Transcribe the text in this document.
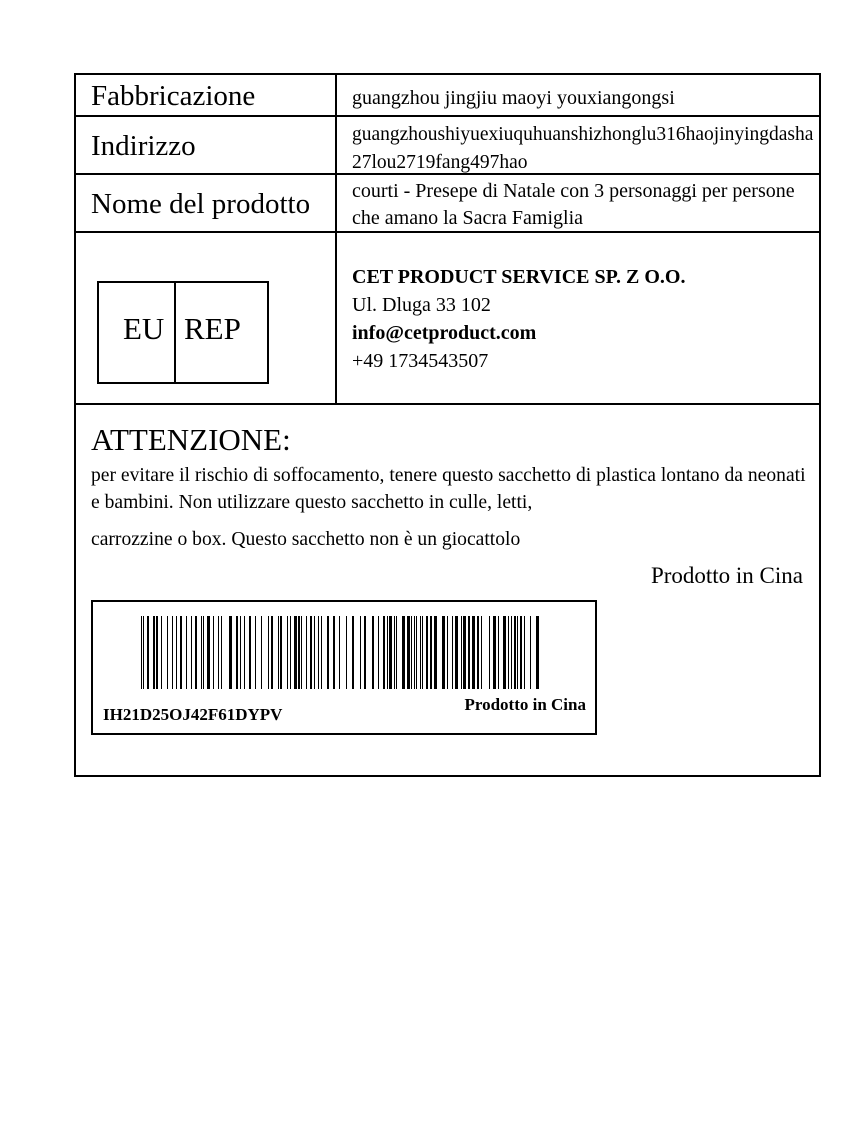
Fabbricazione	guangzhou jingjiu maoyi youxiangongsi
Indirizzo	guangzhoushiyuexiuquhuanshizhonglu316haojinyingdasha27lou2719fang497hao
Nome del prodotto courti - Presepe di Natale con 3 personaggi per persone che amano la Sacra Famiglia
EU REP
CET PRODUCT SERVICE SP. Z O.O.
Ul. Dluga 33 102
info@cetproduct.com
+49 1734543507
ATTENZIONE:
per evitare il rischio di soffocamento, tenere questo sacchetto di plastica lontano da neonati e bambini. Non utilizzare questo sacchetto in culle, letti,
carrozzine o box. Questo sacchetto non è un giocattolo
Prodotto in Cina
IH21D25OJ42F61DYPV
Prodotto in Cina
